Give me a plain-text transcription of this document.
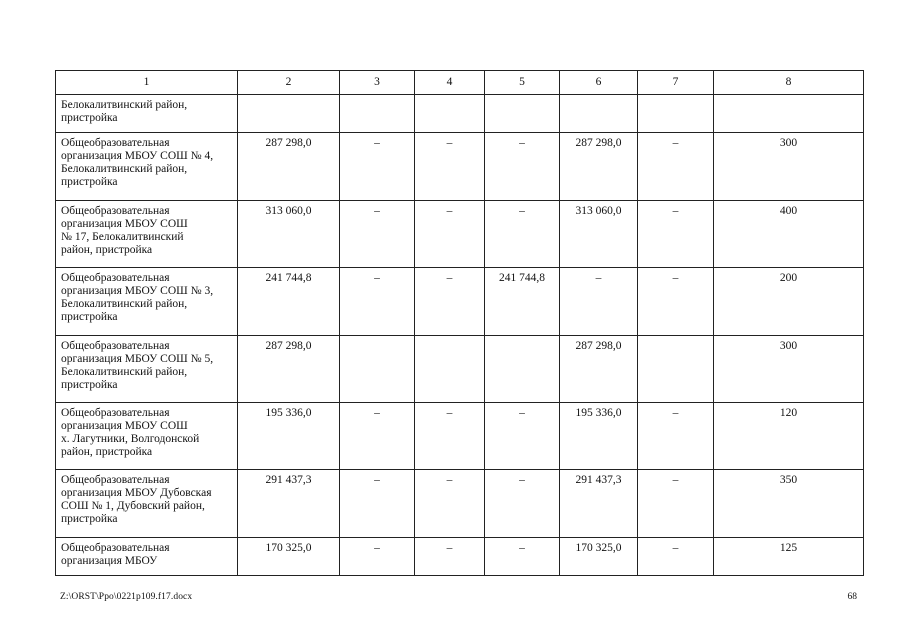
1	2	3	4	5	6	7	8
Белокалитвинский район,
пристройка							
Общеобразовательная
организация МБОУ СОШ № 4,
Белокалитвинский район,
пристройка	287 298,0	–	–	–	287 298,0	–	300
Общеобразовательная
организация МБОУ СОШ
№ 17, Белокалитвинский
район, пристройка	313 060,0	–	–	–	313 060,0	–	400
Общеобразовательная
организация МБОУ СОШ № 3,
Белокалитвинский район,
пристройка	241 744,8	–	–	241 744,8	–	–	200
Общеобразовательная
организация МБОУ СОШ № 5,
Белокалитвинский район,
пристройка	287 298,0				287 298,0		300
Общеобразовательная
организация МБОУ СОШ
х. Лагутники, Волгодонской
район, пристройка	195 336,0	–	–	–	195 336,0	–	120
Общеобразовательная
организация МБОУ Дубовская
СОШ № 1, Дубовский район,
пристройка	291 437,3	–	–	–	291 437,3	–	350
Общеобразовательная
организация МБОУ	170 325,0	–	–	–	170 325,0	–	125
Z:\ORST\Ppo\0221p109.f17.docx	68
